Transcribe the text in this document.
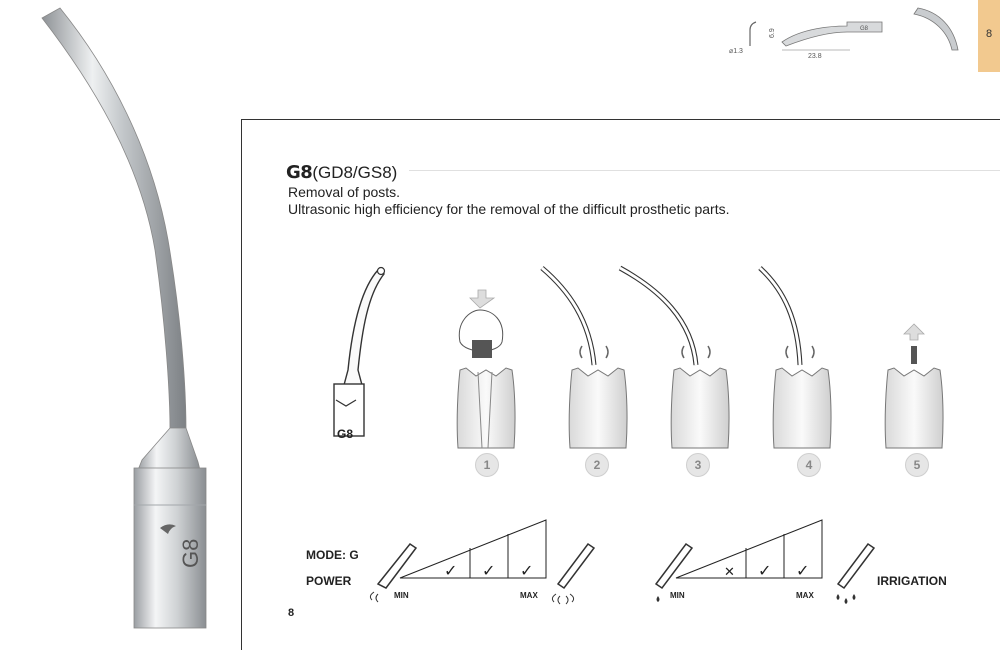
G8
⌀1.3
6.9	G8
23.8
8
G8(GD8/GS8)
Removal of posts.
Ultrasonic high efficiency for the removal of the difficult prosthetic parts.
G8
1	2	3	4	5
MODE: G
POWER	IRRIGATION
✓ ✓ ✓
MIN	MAX
✕ ✓ ✓
MIN	MAX
8
